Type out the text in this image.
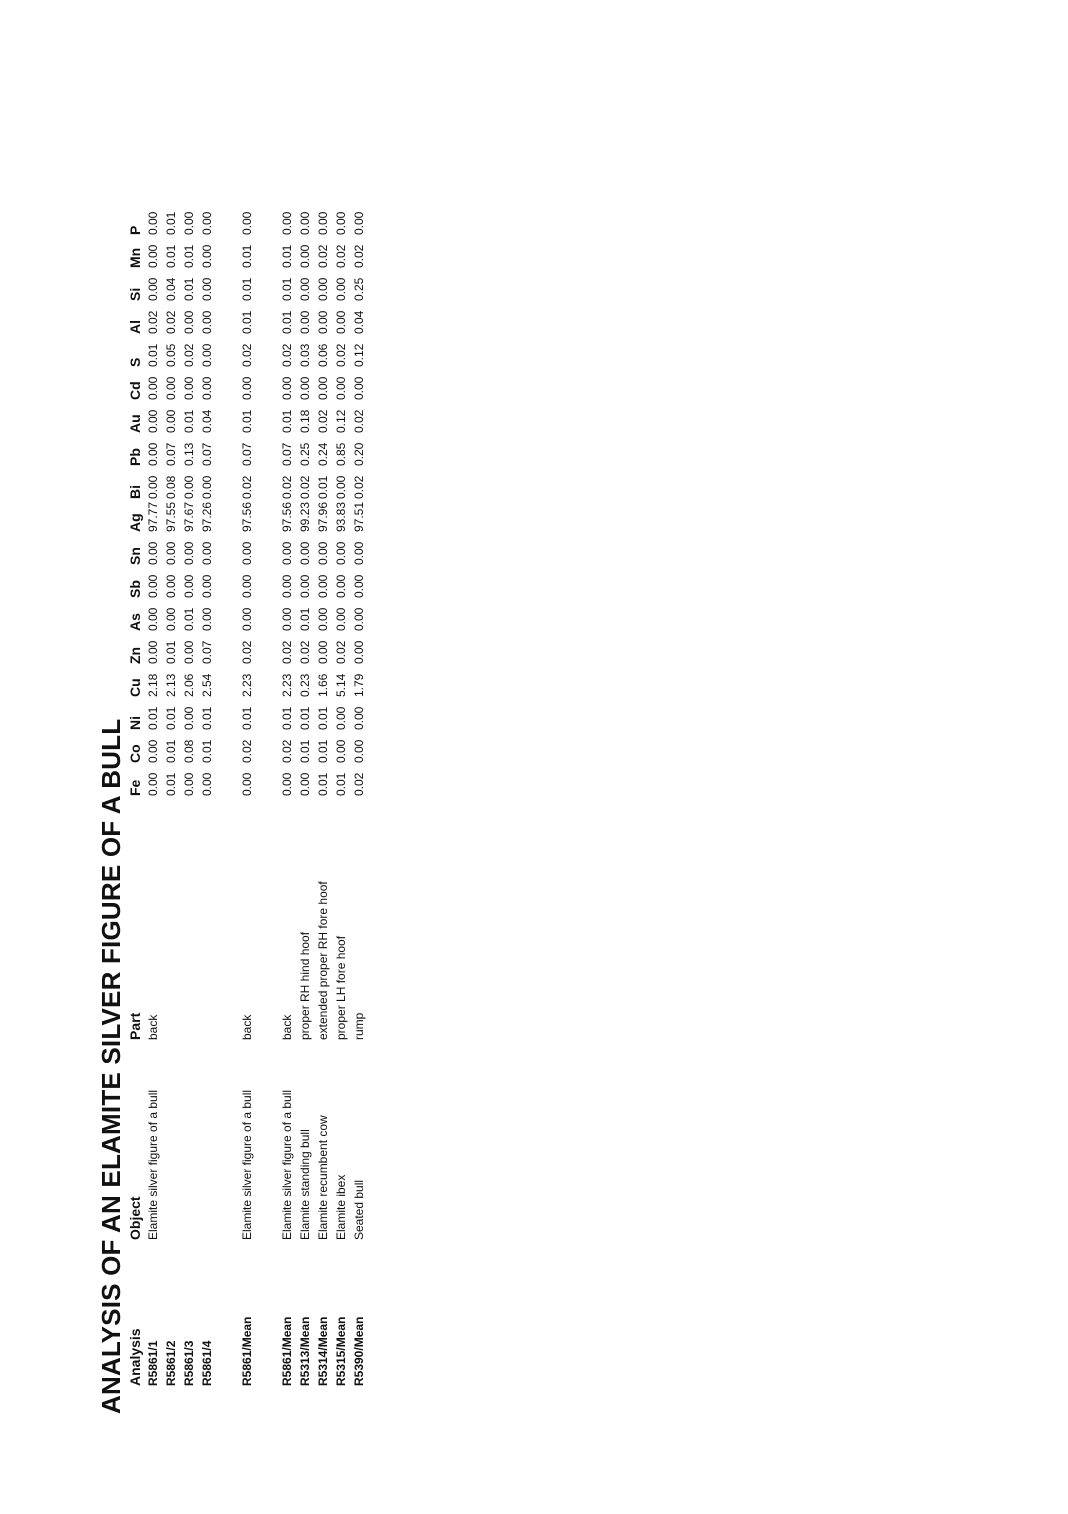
ANALYSIS OF AN ELAMITE SILVER FIGURE OF A BULL Analysis	Object	Part	Fe	Co	Ni	Cu	Zn	As	Sb	Sn	Ag	Bi	Pb	Au	Cd	S	Al	Si	Mn	P
R5861/1	Elamite silver figure of a bull	back	0.00	0.00	0.01	2.18	0.00	0.00	0.00	0.00	97.77	0.00	0.00	0.00	0.00	0.01	0.02	0.00	0.00	0.00
R5861/2			0.01	0.01	0.01	2.13	0.01	0.00	0.00	0.00	97.55	0.08	0.07	0.00	0.00	0.05	0.02	0.04	0.01	0.01
R5861/3			0.00	0.08	0.00	2.06	0.00	0.01	0.00	0.00	97.67	0.00	0.13	0.01	0.00	0.02	0.00	0.01	0.01	0.00
R5861/4			0.00	0.01	0.01	2.54	0.07	0.00	0.00	0.00	97.26	0.00	0.07	0.04	0.00	0.00	0.00	0.00	0.00	0.00

R5861/Mean	Elamite silver figure of a bull	back	0.00	0.02	0.01	2.23	0.02	0.00	0.00	0.00	97.56	0.02	0.07	0.01	0.00	0.02	0.01	0.01	0.01	0.00

R5861/Mean	Elamite silver figure of a bull	back	0.00	0.02	0.01	2.23	0.02	0.00	0.00	0.00	97.56	0.02	0.07	0.01	0.00	0.02	0.01	0.01	0.01	0.00
R5313/Mean	Elamite standing bull	proper RH hind hoof	0.00	0.01	0.01	0.23	0.02	0.01	0.00	0.00	99.23	0.02	0.25	0.18	0.00	0.03	0.00	0.00	0.00	0.00
R5314/Mean	Elamite recumbent cow	extended proper RH fore hoof	0.01	0.01	0.01	1.66	0.00	0.00	0.00	0.00	97.96	0.01	0.24	0.02	0.00	0.06	0.00	0.00	0.02	0.00
R5315/Mean	Elamite ibex	proper LH fore hoof	0.01	0.00	0.00	5.14	0.02	0.00	0.00	0.00	93.83	0.00	0.85	0.12	0.00	0.02	0.00	0.00	0.02	0.00
R5390/Mean	Seated bull	rump	0.02	0.00	0.00	1.79	0.00	0.00	0.00	0.00	97.51	0.02	0.20	0.02	0.00	0.12	0.04	0.25	0.02	0.00
